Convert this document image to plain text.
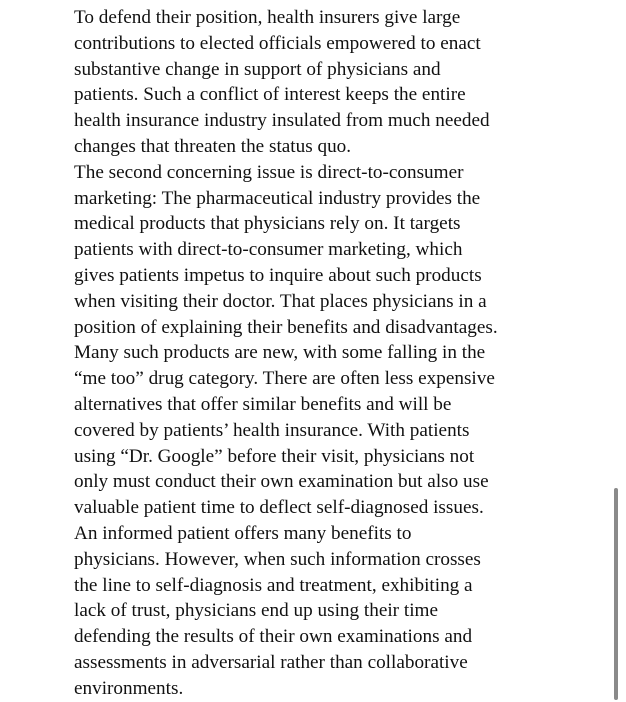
To defend their position, health insurers give large
contributions to elected officials empowered to enact
substantive change in support of physicians and
patients. Such a conflict of interest keeps the entire
health insurance industry insulated from much needed
changes that threaten the status quo.
The second concerning issue is direct-to-consumer
marketing: The pharmaceutical industry provides the
medical products that physicians rely on. It targets
patients with direct-to-consumer marketing, which
gives patients impetus to inquire about such products
when visiting their doctor. That places physicians in a
position of explaining their benefits and disadvantages.
Many such products are new, with some falling in the
“me too” drug category. There are often less expensive
alternatives that offer similar benefits and will be
covered by patients’ health insurance. With patients
using “Dr. Google” before their visit, physicians not
only must conduct their own examination but also use
valuable patient time to deflect self-diagnosed issues.
An informed patient offers many benefits to
physicians. However, when such information crosses
the line to self-diagnosis and treatment, exhibiting a
lack of trust, physicians end up using their time
defending the results of their own examinations and
assessments in adversarial rather than collaborative
environments.
